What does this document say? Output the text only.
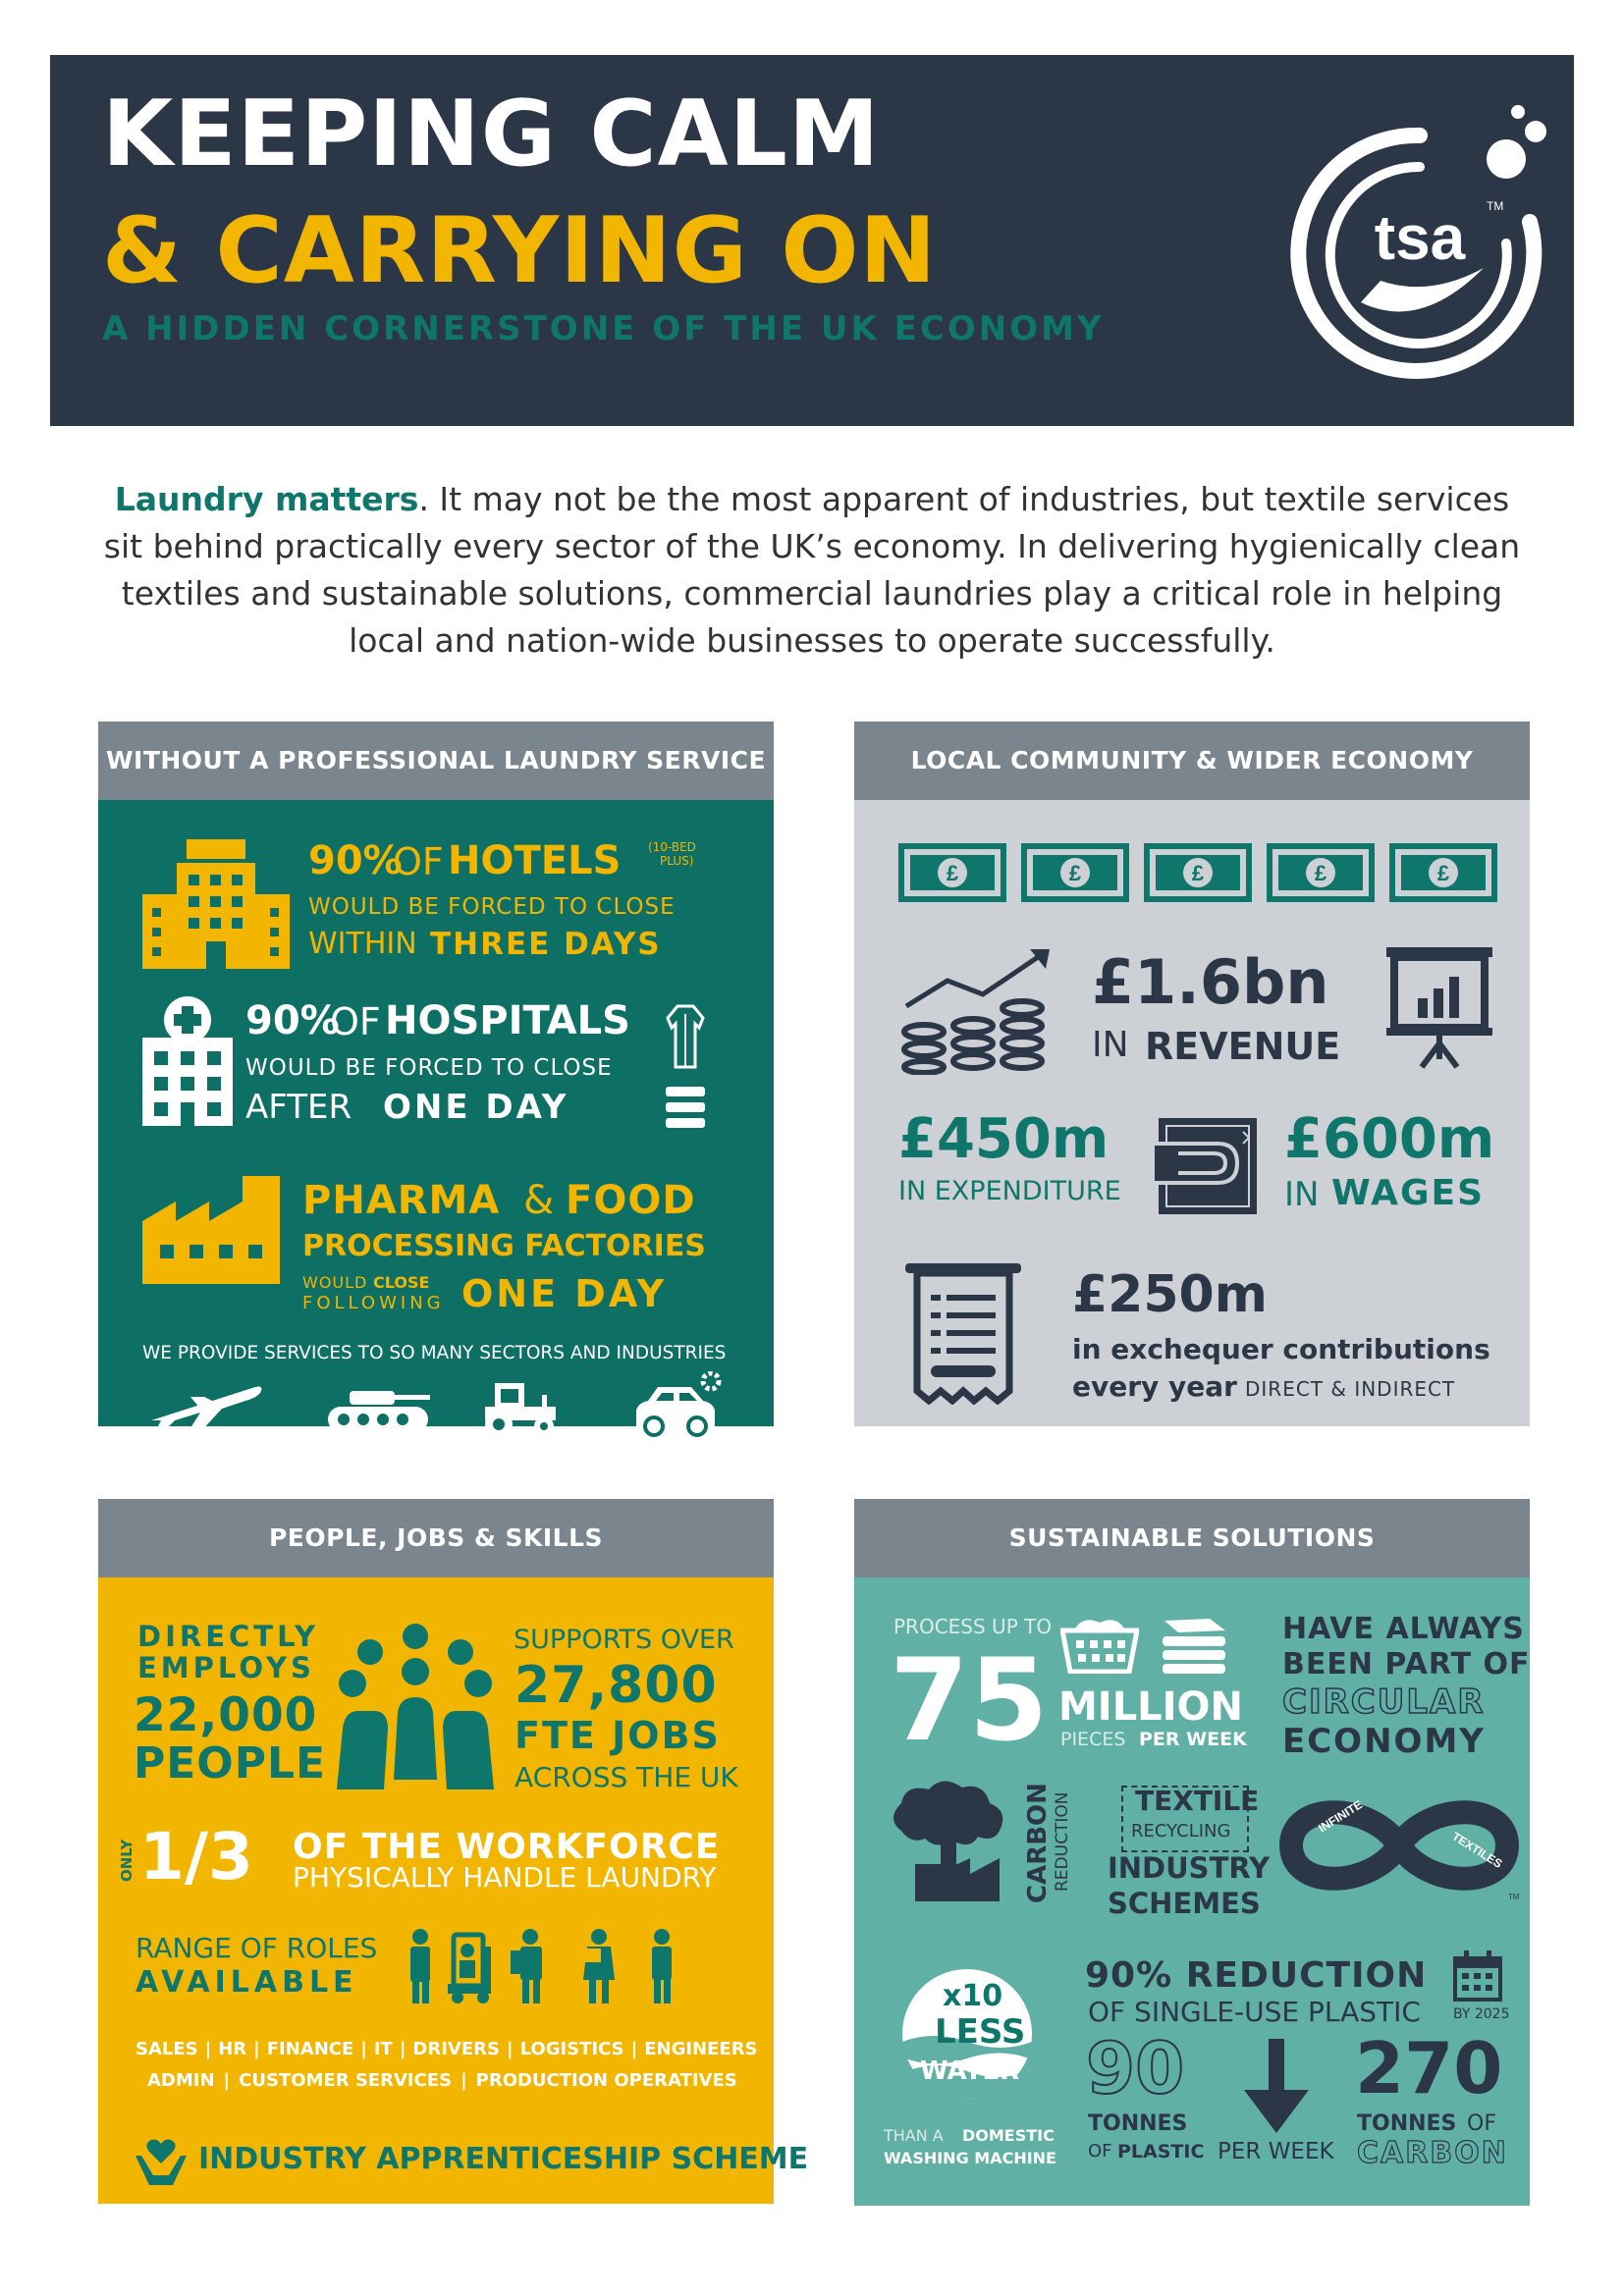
KEEPING CALM
& CARRYING ON
A HIDDEN CORNERSTONE OF THE UK ECONOMY
tsa TM
Laundry matters. It may not be the most apparent of industries, but textile services sit behind practically every sector of the UK’s economy. In delivering hygienically clean textiles and sustainable solutions, commercial laundries play a critical role in helping local and nation-wide businesses to operate successfully.
WITHOUT A PROFESSIONAL LAUNDRY SERVICE
90%
OF HOTELS (10-BED
PLUS)
WOULD BE FORCED TO CLOSE
WITHIN THREE DAYS
90%
OF HOSPITALS
WOULD BE FORCED TO CLOSE
AFTER ONE DAY
PHARMA & FOOD
PROCESSING FACTORIES
WOULD CLOSE
FOLLOWING ONE DAY
WE PROVIDE SERVICES TO SO MANY SECTORS AND INDUSTRIES
LOCAL COMMUNITY & WIDER ECONOMY
£	£	£	£	£
£1.6bn
IN REVENUE
£450m
IN EXPENDITURE
£600m
IN WAGES
£250m
in exchequer contributions
every year DIRECT & INDIRECT
PEOPLE, JOBS & SKILLS
DIRECTLY
EMPLOYS
22,000
PEOPLE
SUPPORTS OVER
27,800
FTE JOBS
ACROSS THE UK
ONLY 1/3 OF THE WORKFORCE
PHYSICALLY HANDLE LAUNDRY
RANGE OF ROLES
AVAILABLE
SALES | HR | FINANCE | IT | DRIVERS | LOGISTICS | ENGINEERS
ADMIN | CUSTOMER SERVICES | PRODUCTION OPERATIVES
INDUSTRY APPRENTICESHIP SCHEME
SUSTAINABLE SOLUTIONS
PROCESS UP TO
75 MILLION
PIECES PER WEEK
HAVE ALWAYS
BEEN PART OF
CIRCULAR
ECONOMY
CARBON REDUCTION TEXTILE
RECYCLING
INDUSTRY
SCHEMES
INFINITE
TEXTILES
TM
x10
LESS
WATER
THAN A DOMESTIC
WASHING MACHINE
90% REDUCTION
OF SINGLE-USE PLASTIC BY 2025
90
TONNES
OF PLASTIC PER WEEK
270
TONNES OF
CARBON
